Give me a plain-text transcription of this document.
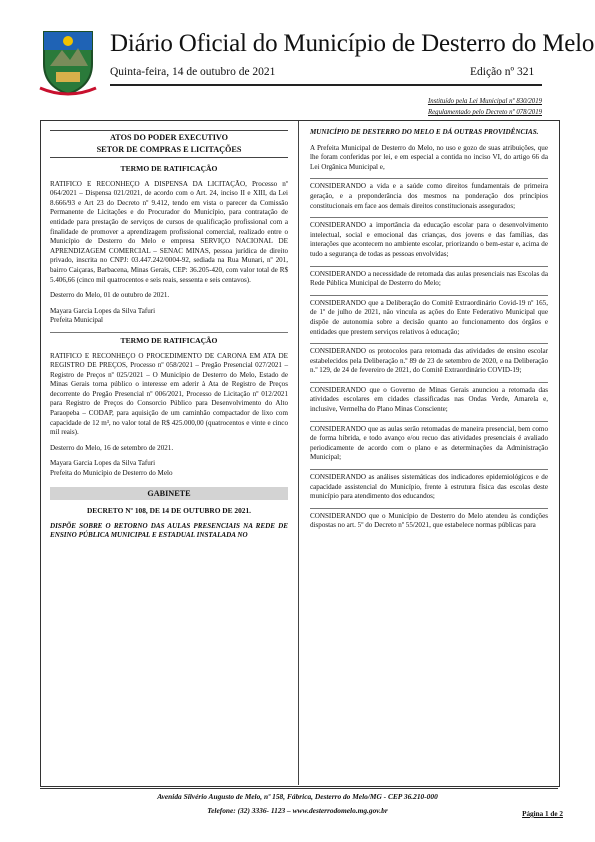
Diário Oficial do Município de Desterro do Melo
Quinta-feira, 14 de outubro de 2021	Edição nº 321
Instituído pela Lei Municipal nº 830/2019
Regulamentado pelo Decreto nº 078/2019
ATOS DO PODER EXECUTIVO
SETOR DE COMPRAS E LICITAÇÕES

TERMO DE RATIFICAÇÃO

RATIFICO E RECONHEÇO A DISPENSA DA LICITAÇÃO, Processo nº 064/2021 – Dispensa 021/2021, de acordo com o Art. 24, inciso II e XIII, da Lei 8.666/93 e Art 23 do Decreto nº 9.412, tendo em vista o parecer da Comissão Permanente de Licitações e do Procurador do Município, para contratação de entidade para prestação de serviços de cursos de qualificação profissional com a finalidade de promover a aprendizagem profissional comercial, realizado entre o Município de Desterro do Melo e empresa SERVIÇO NACIONAL DE APRENDIZAGEM COMERCIAL – SENAC MINAS, pessoa jurídica de direito privado, inscrita no CNPJ: 03.447.242/0004-92, sediada na Rua Munari, nº 201, bairro Caiçaras, Barbacena, Minas Gerais, CEP: 36.205-420, com valor total de R$ 5.406,66 (cinco mil quatrocentos e seis reais, sessenta e seis centavos).

Desterro do Melo, 01 de outubro de 2021.

Mayara Garcia Lopes da Silva Tafuri

Prefeita Municipal

TERMO DE RATIFICAÇÃO

RATIFICO E RECONHEÇO O PROCEDIMENTO DE CARONA EM ATA DE REGISTRO DE PREÇOS, Processo nº 058/2021 – Pregão Presencial 027/2021 – Registro de Preços nº 025/2021 – O Município de Desterro do Melo, Estado de Minas Gerais torna público o interesse em aderir à Ata de Registro de Preços decorrente do Pregão Presencial nº 006/2021, Processo de Licitação nº 012/2021 para Registro de Preços do Consorcio Público para Desenvolvimento do Alto Paraopeba – CODAP, para aquisição de um caminhão compactador de lixo com capacidade de 12 m³, no valor total de R$ 425.000,00 (quatrocentos e vinte e cinco mil reais).

Desterro do Melo, 16 de setembro de 2021.

Mayara Garcia Lopes da Silva Tafuri

Prefeita do Município de Desterro do Melo

GABINETE

DECRETO Nº 108, DE 14 DE OUTUBRO DE 2021.

DISPÕE SOBRE O RETORNO DAS AULAS PRESENCIAIS NA REDE DE ENSINO PÚBLICA MUNICIPAL E ESTADUAL INSTALADA NO

MUNICÍPIO DE DESTERRO DO MELO E DÁ OUTRAS PROVIDÊNCIAS.

A Prefeita Municipal de Desterro do Melo, no uso e gozo de suas atribuições, que lhe foram conferidas por lei, e em especial a contida no inciso VI, do artigo 66 da Lei Orgânica Municipal e,

CONSIDERANDO a vida e a saúde como direitos fundamentais de primeira geração, e a preponderância dos mesmos na ponderação dos princípios constitucionais em face aos demais direitos constitucionais assegurados;

CONSIDERANDO a importância da educação escolar para o desenvolvimento intelectual, social e emocional das crianças, dos jovens e das famílias, das interações que acontecem no ambiente escolar, priorizando o bem-estar e, acima de tudo a segurança de todas as pessoas envolvidas;

CONSIDERANDO a necessidade de retomada das aulas presenciais nas Escolas da Rede Pública Municipal de Desterro do Melo;

CONSIDERANDO que a Deliberação do Comitê Extraordinário Covid-19 nº 165, de 1º de julho de 2021, não vincula as ações do Ente Federativo Municipal que dispõe de autonomia sobre a decisão quanto ao funcionamento dos órgãos e entidades que prestem serviços relativos à educação;

CONSIDERANDO os protocolos para retomada das atividades de ensino escolar estabelecidos pela Deliberação n.º 89 de 23 de setembro de 2020, e na Deliberação n.º 129, de 24 de fevereiro de 2021, do Comitê Extraordinário COVID-19;

CONSIDERANDO que o Governo de Minas Gerais anunciou a retomada das atividades escolares em cidades classificadas nas Ondas Verde, Amarela e, inclusive, Vermelha do Plano Minas Consciente;

CONSIDERANDO que as aulas serão retomadas de maneira presencial, bem como de forma híbrida, e todo avanço e/ou recuo das atividades presenciais é avaliado periodicamente de acordo com o plano e as determinações da Administração Municipal;

CONSIDERANDO as análises sistemáticas dos indicadores epidemiológicos e de capacidade assistencial do Município, frente à estrutura física das escolas deste município para atendimento dos educandos;

CONSIDERANDO que o Município de Desterro do Melo atendeu às condições dispostas no art. 5º do Decreto nº 55/2021, que estabelece normas públicas para

Avenida Silvério Augusto de Melo, nº 158, Fábrica, Desterro do Melo/MG - CEP 36.210-000
Telefone: (32) 3336- 1123 – www.desterrodomelo.mg.gov.br	Página 1 de 2
